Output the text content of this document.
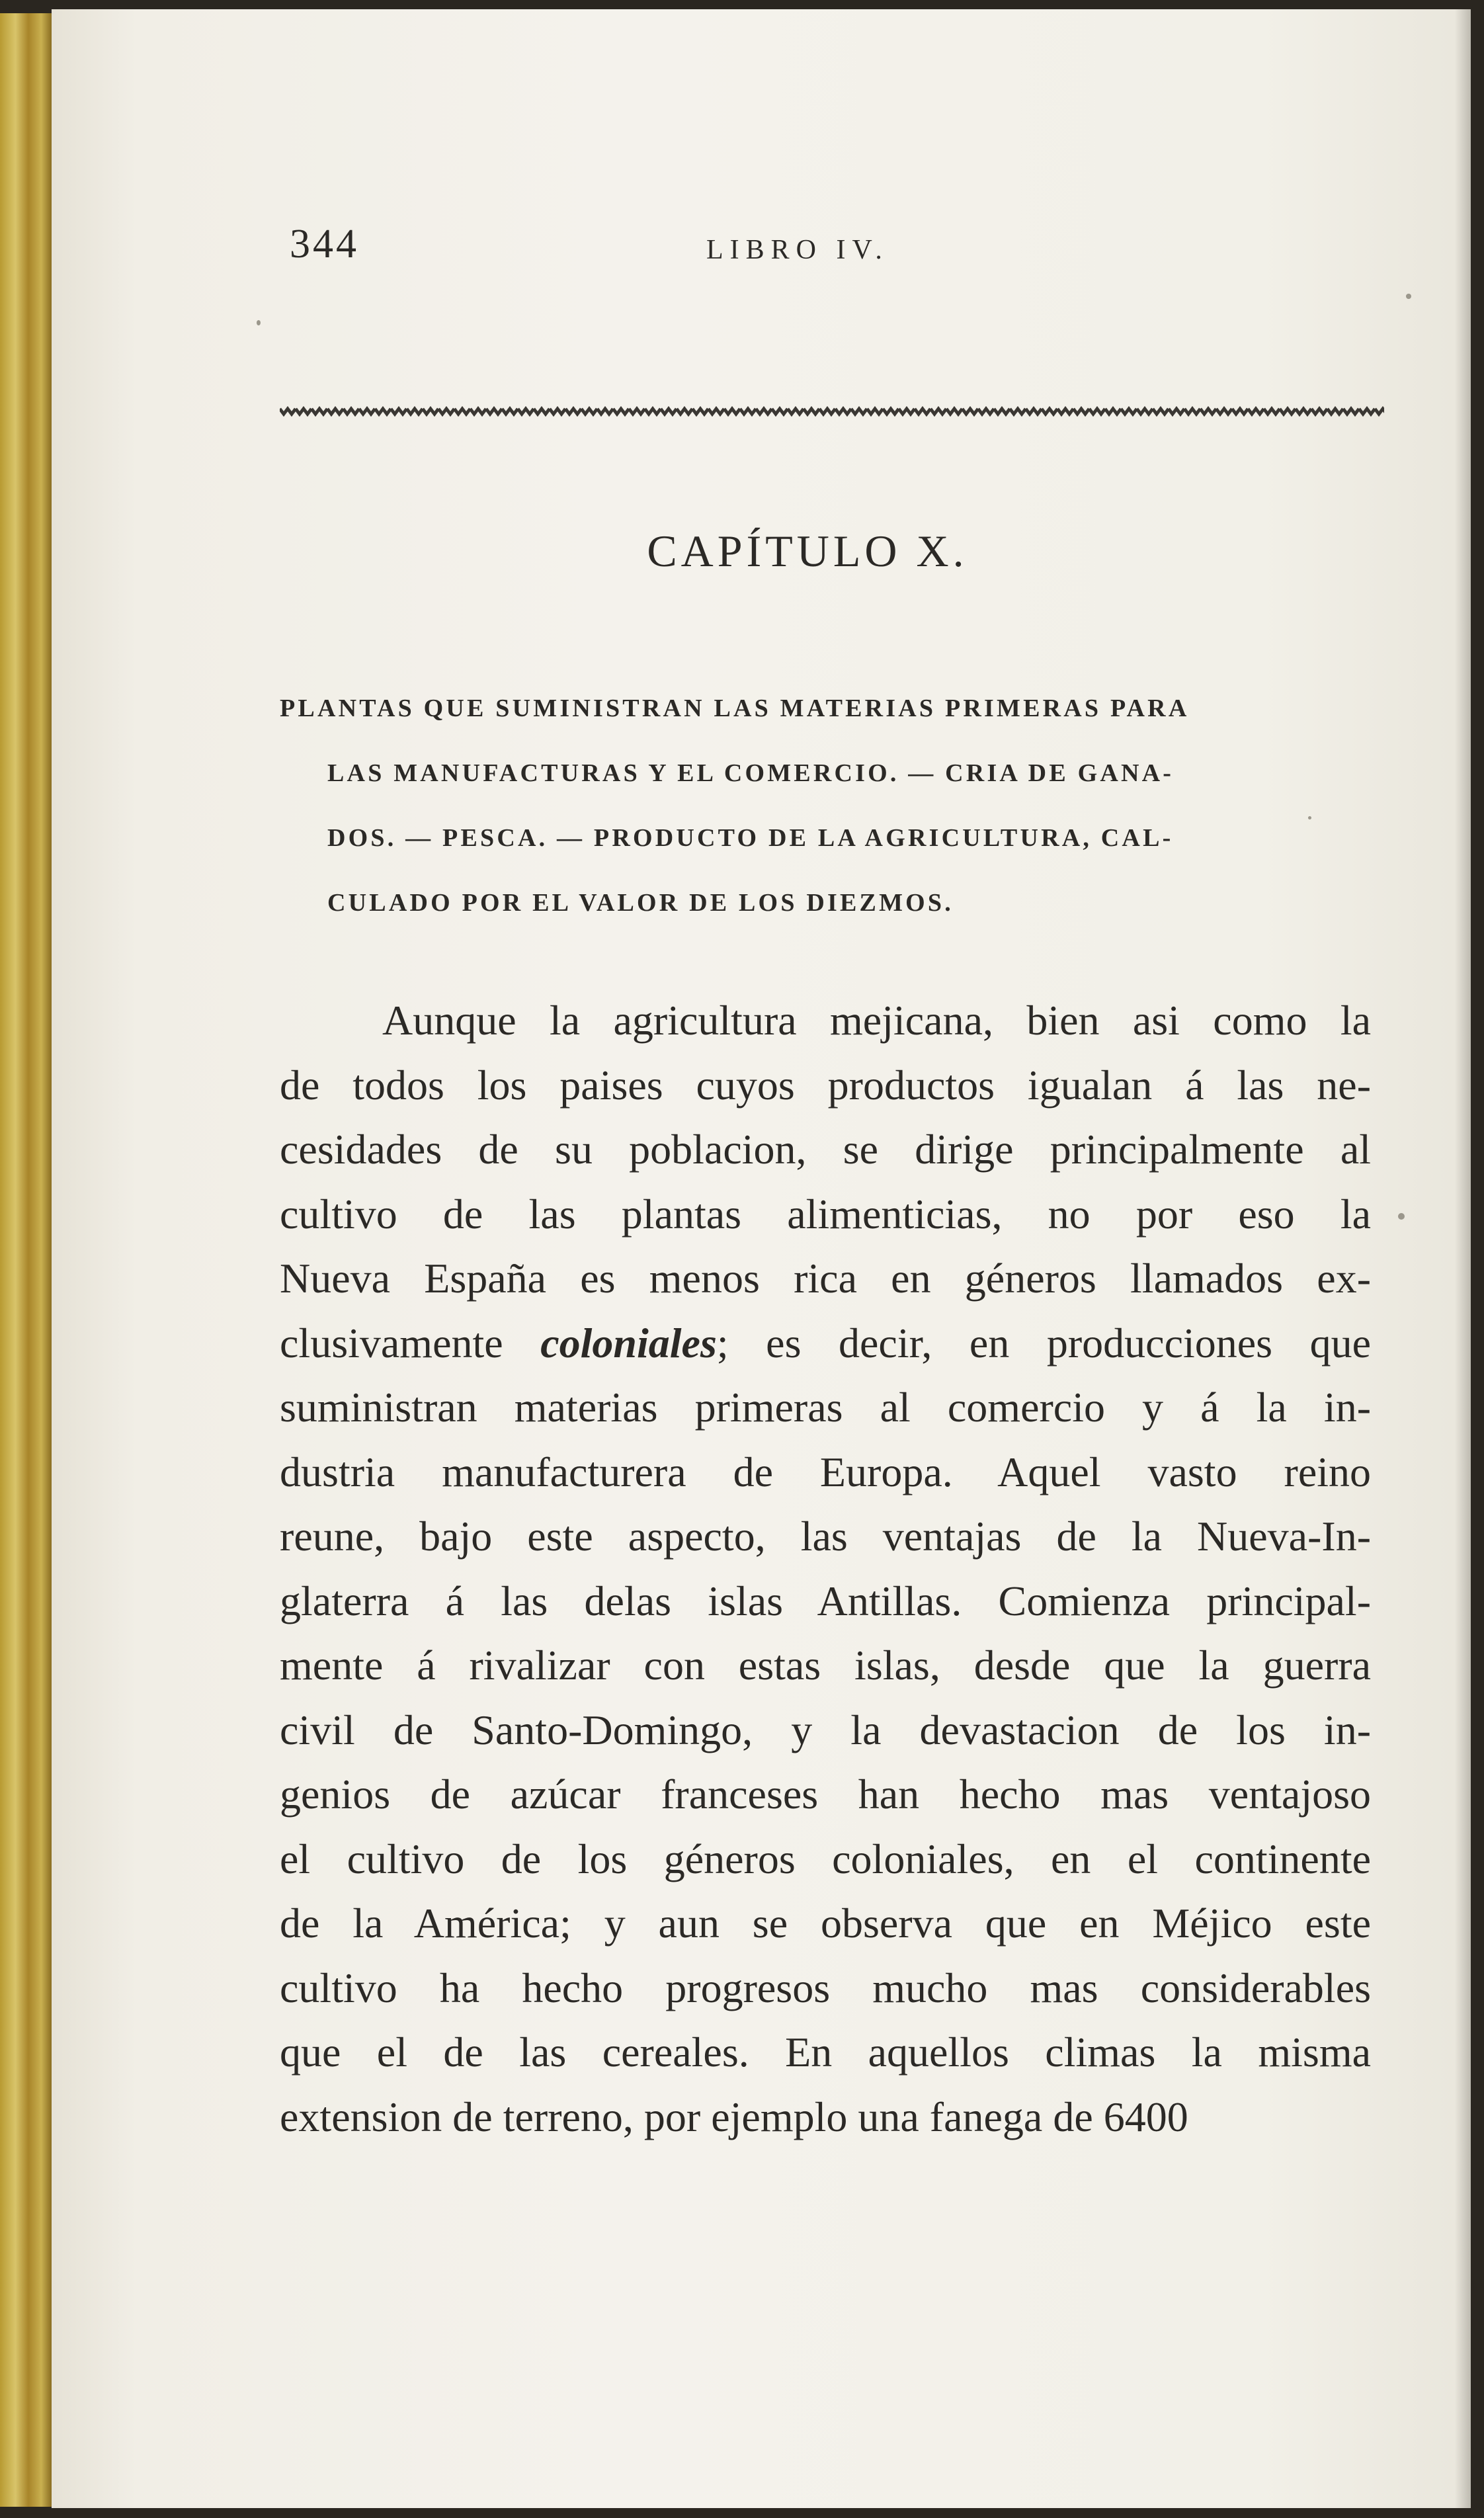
344	LIBRO IV.
CAPÍTULO X.
PLANTAS QUE SUMINISTRAN LAS MATERIAS PRIMERAS PARA
LAS MANUFACTURAS Y EL COMERCIO. — CRIA DE GANA-
DOS. — PESCA. — PRODUCTO DE LA AGRICULTURA, CAL-
CULADO POR EL VALOR DE LOS DIEZMOS.
Aunque la agricultura mejicana, bien asi como la
de todos los paises cuyos productos igualan á las ne-
cesidades de su poblacion, se dirige principalmente al
cultivo de las plantas alimenticias, no por eso la
Nueva España es menos rica en géneros llamados ex-
clusivamente coloniales; es decir, en producciones que
suministran materias primeras al comercio y á la in-
dustria manufacturera de Europa. Aquel vasto reino
reune, bajo este aspecto, las ventajas de la Nueva-In-
glaterra á las delas islas Antillas. Comienza principal-
mente á rivalizar con estas islas, desde que la guerra
civil de Santo-Domingo, y la devastacion de los in-
genios de azúcar franceses han hecho mas ventajoso
el cultivo de los géneros coloniales, en el continente
de la América; y aun se observa que en Méjico este
cultivo ha hecho progresos mucho mas considerables
que el de las cereales. En aquellos climas la misma
extension de terreno, por ejemplo una fanega de 6400
